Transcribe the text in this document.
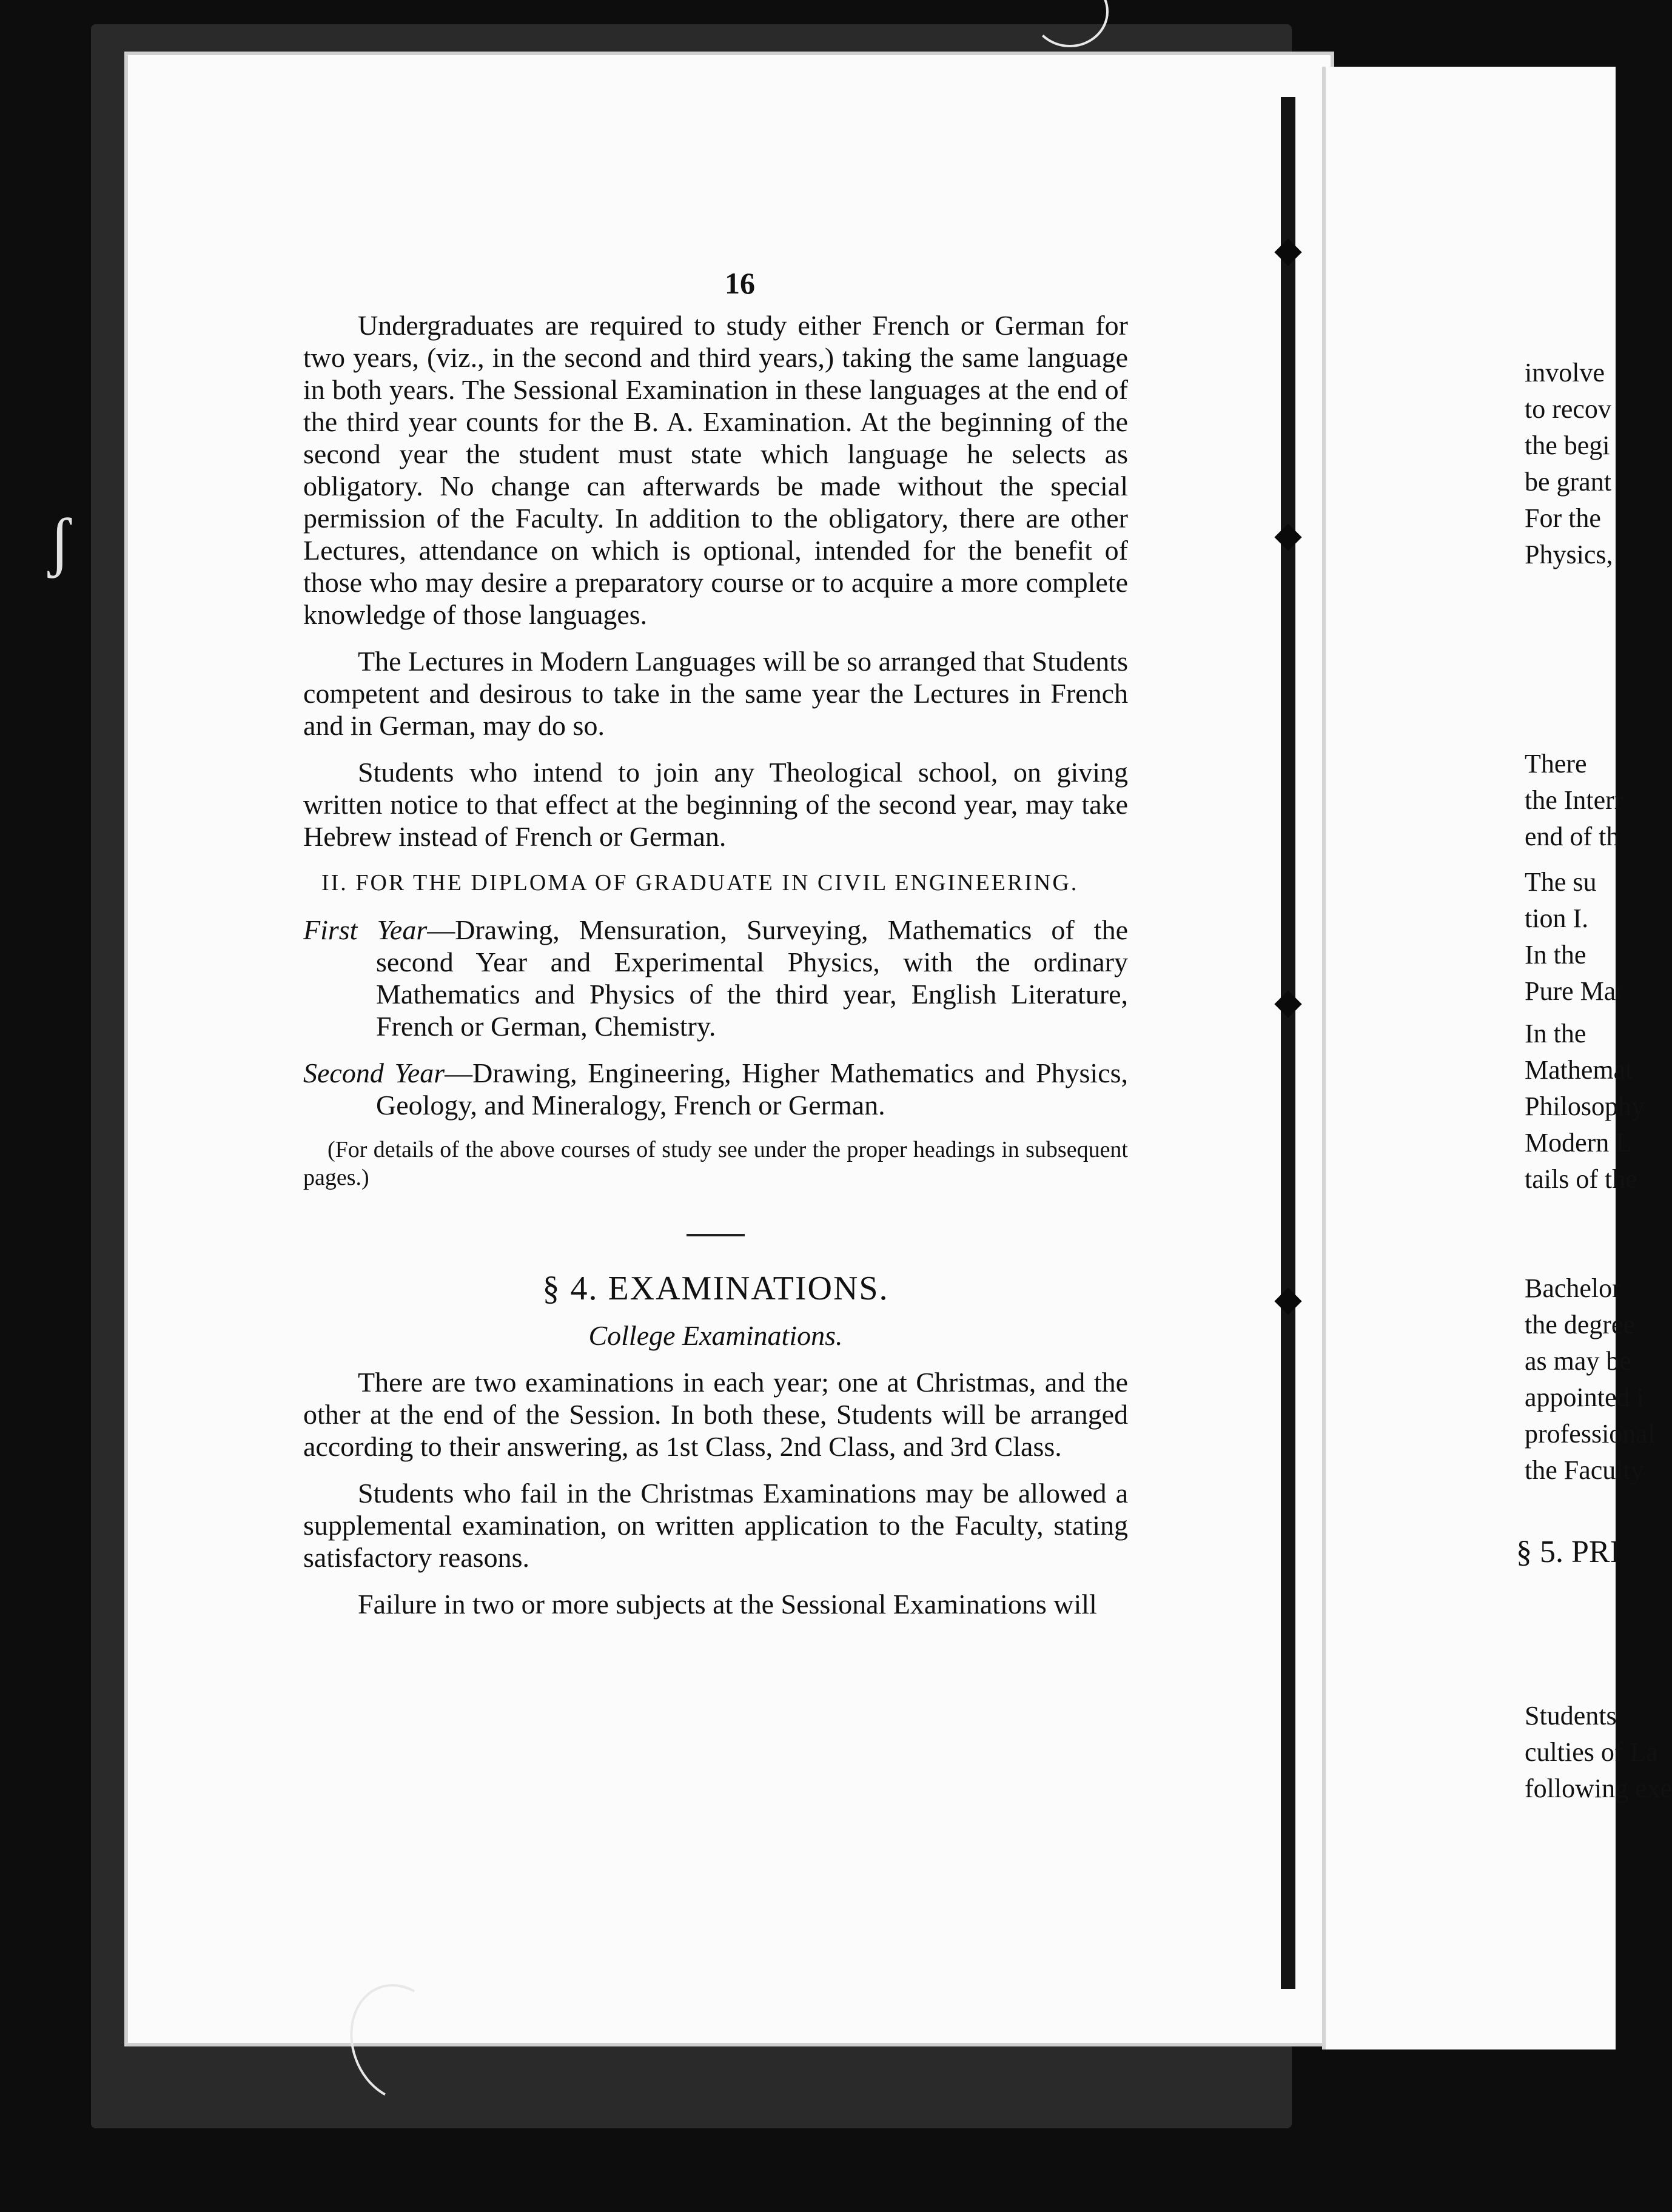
ʃ
16

Undergraduates are required to study either French or German for two years, (viz., in the second and third years,) taking the same language in both years. The Sessional Examination in these languages at the end of the third year counts for the B. A. Examination. At the beginning of the second year the student must state which language he selects as obligatory. No change can afterwards be made without the special permission of the Faculty. In addition to the obligatory, there are other Lectures, attendance on which is optional, intended for the benefit of those who may desire a preparatory course or to acquire a more complete knowledge of those languages.

The Lectures in Modern Languages will be so arranged that Students competent and desirous to take in the same year the Lectures in French and in German, may do so.

Students who intend to join any Theological school, on giving written notice to that effect at the beginning of the second year, may take Hebrew instead of French or German.

II. FOR THE DIPLOMA OF GRADUATE IN CIVIL ENGINEERING.

First Year—Drawing, Mensuration, Surveying, Mathematics of the second Year and Experimental Physics, with the ordinary Mathematics and Physics of the third year, English Literature, French or German, Chemistry.

Second Year—Drawing, Engineering, Higher Mathematics and Physics, Geology, and Mineralogy, French or German.

(For details of the above courses of study see under the proper headings in subsequent pages.)

§ 4. EXAMINATIONS.

College Examinations.

There are two examinations in each year; one at Christmas, and the other at the end of the Session. In both these, Students will be arranged according to their answering, as 1st Class, 2nd Class, and 3rd Class.

Students who fail in the Christmas Examinations may be allowed a supplemental examination, on written application to the Faculty, stating satisfactory reasons.

Failure in two or more subjects at the Sessional Examinations will

involve
to recov
the begi
be grant
For the
Physics,
There
the Interr
end of th
The su
tion I.
In the
Pure Mat
In the
Mathemat
Philosophy
Modern L
tails of the
Bachelor
the degree
as may be
appointed i
professional
the Faculty
§ 5. PRI
Students
culties of La
following exe
